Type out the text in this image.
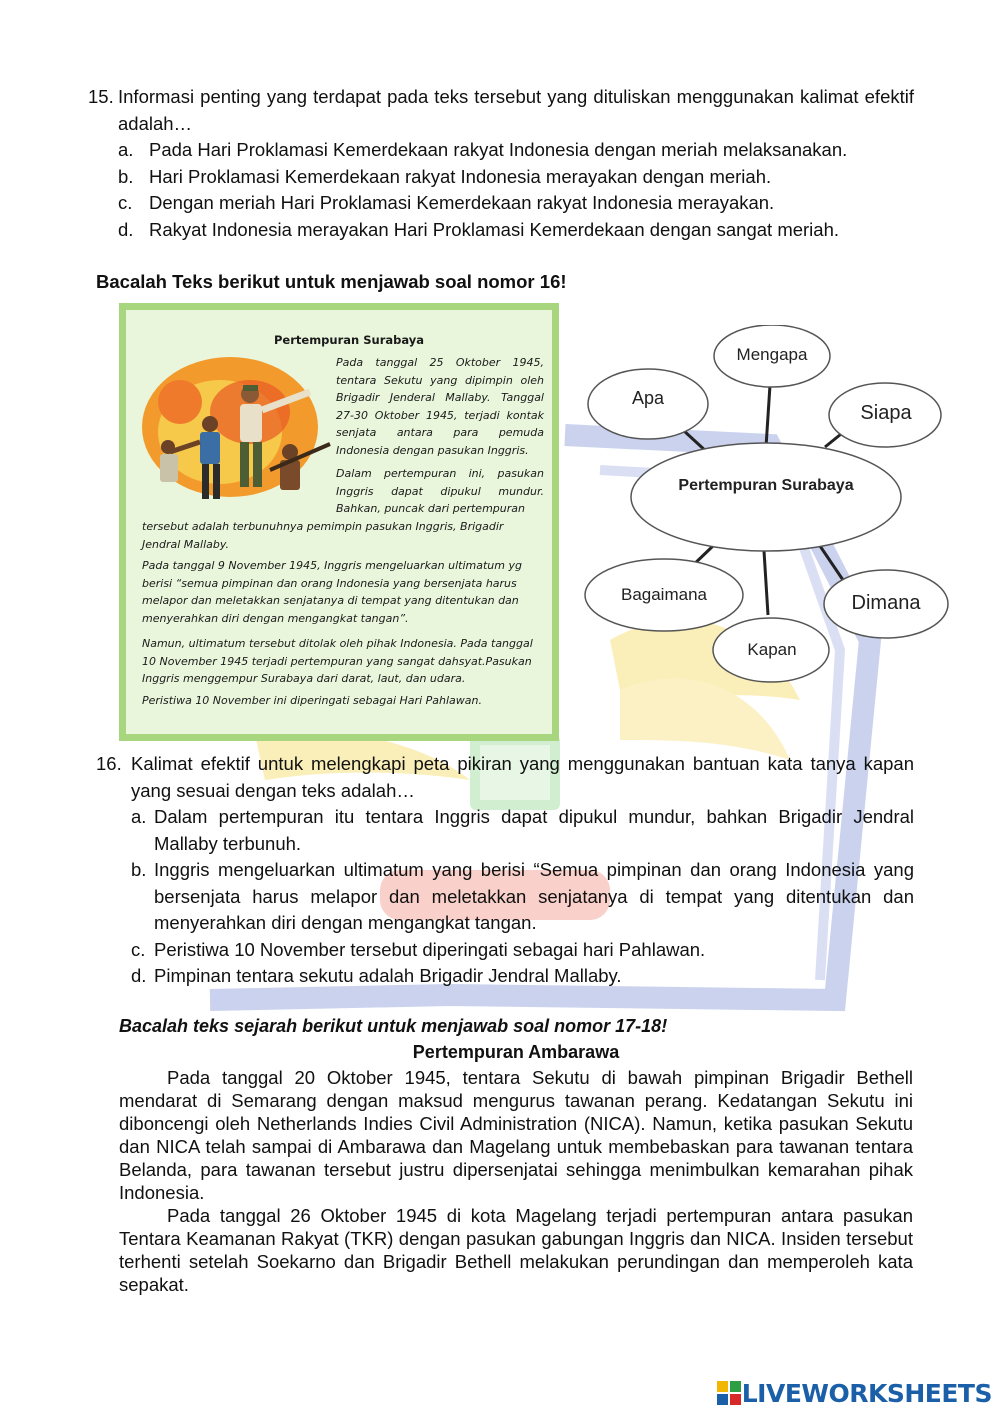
15. Informasi penting yang terdapat pada teks tersebut yang dituliskan menggunakan kalimat efektif adalah…
a. Pada Hari Proklamasi Kemerdekaan rakyat Indonesia dengan meriah melaksanakan.
b. Hari Proklamasi Kemerdekaan rakyat Indonesia merayakan dengan meriah.
c. Dengan meriah Hari Proklamasi Kemerdekaan rakyat Indonesia merayakan.
d. Rakyat Indonesia merayakan Hari Proklamasi Kemerdekaan dengan sangat meriah.
Bacalah Teks berikut untuk menjawab soal nomor 16!
Pertempuran Surabaya
Pada tanggal 25 Oktober 1945, tentara Sekutu yang dipimpin oleh Brigadir Jenderal Mallaby. Tanggal 27-30 Oktober 1945, terjadi kontak senjata antara para pemuda Indonesia dengan pasukan Inggris.
Dalam pertempuran ini, pasukan Inggris dapat dipukul mundur. Bahkan, puncak dari pertempuran
tersebut adalah terbunuhnya pemimpin pasukan Inggris, Brigadir Jendral Mallaby.
Pada tanggal 9 November 1945, Inggris mengeluarkan ultimatum yg berisi “semua pimpinan dan orang Indonesia yang bersenjata harus melapor dan meletakkan senjatanya di tempat yang ditentukan dan menyerahkan diri dengan mengangkat tangan”.
Namun, ultimatum tersebut ditolak oleh pihak Indonesia. Pada tanggal 10 November 1945 terjadi pertempuran yang sangat dahsyat.Pasukan Inggris menggempur Surabaya dari darat, laut, dan udara.
Peristiwa 10 November ini diperingati sebagai Hari Pahlawan.
Pertempuran Surabaya
Mengapa
Apa
Siapa
Bagaimana	Dimana
Kapan
16. Kalimat efektif untuk melengkapi peta pikiran yang menggunakan bantuan kata tanya kapan yang sesuai dengan teks adalah…
a. Dalam pertempuran itu tentara Inggris dapat dipukul mundur, bahkan Brigadir Jendral Mallaby terbunuh.
b. Inggris mengeluarkan ultimatum yang berisi “Semua pimpinan dan orang Indonesia yang bersenjata harus melapor dan meletakkan senjatanya di tempat yang ditentukan dan menyerahkan diri dengan mengangkat tangan.
c. Peristiwa 10 November tersebut diperingati sebagai hari Pahlawan.
d. Pimpinan tentara sekutu adalah Brigadir Jendral Mallaby.
Bacalah teks sejarah berikut untuk menjawab soal nomor 17-18!
Pertempuran Ambarawa
Pada tanggal 20 Oktober 1945, tentara Sekutu di bawah pimpinan Brigadir Bethell mendarat di Semarang dengan maksud mengurus tawanan perang. Kedatangan Sekutu ini diboncengi oleh Netherlands Indies Civil Administration (NICA). Namun, ketika pasukan Sekutu dan NICA telah sampai di Ambarawa dan Magelang untuk membebaskan para tawanan tentara Belanda, para tawanan tersebut justru dipersenjatai sehingga menimbulkan kemarahan pihak Indonesia.
Pada tanggal 26 Oktober 1945 di kota Magelang terjadi pertempuran antara pasukan Tentara Keamanan Rakyat (TKR) dengan pasukan gabungan Inggris dan NICA. Insiden tersebut terhenti setelah Soekarno dan Brigadir Bethell melakukan perundingan dan memperoleh kata sepakat.
LIVEWORKSHEETS
